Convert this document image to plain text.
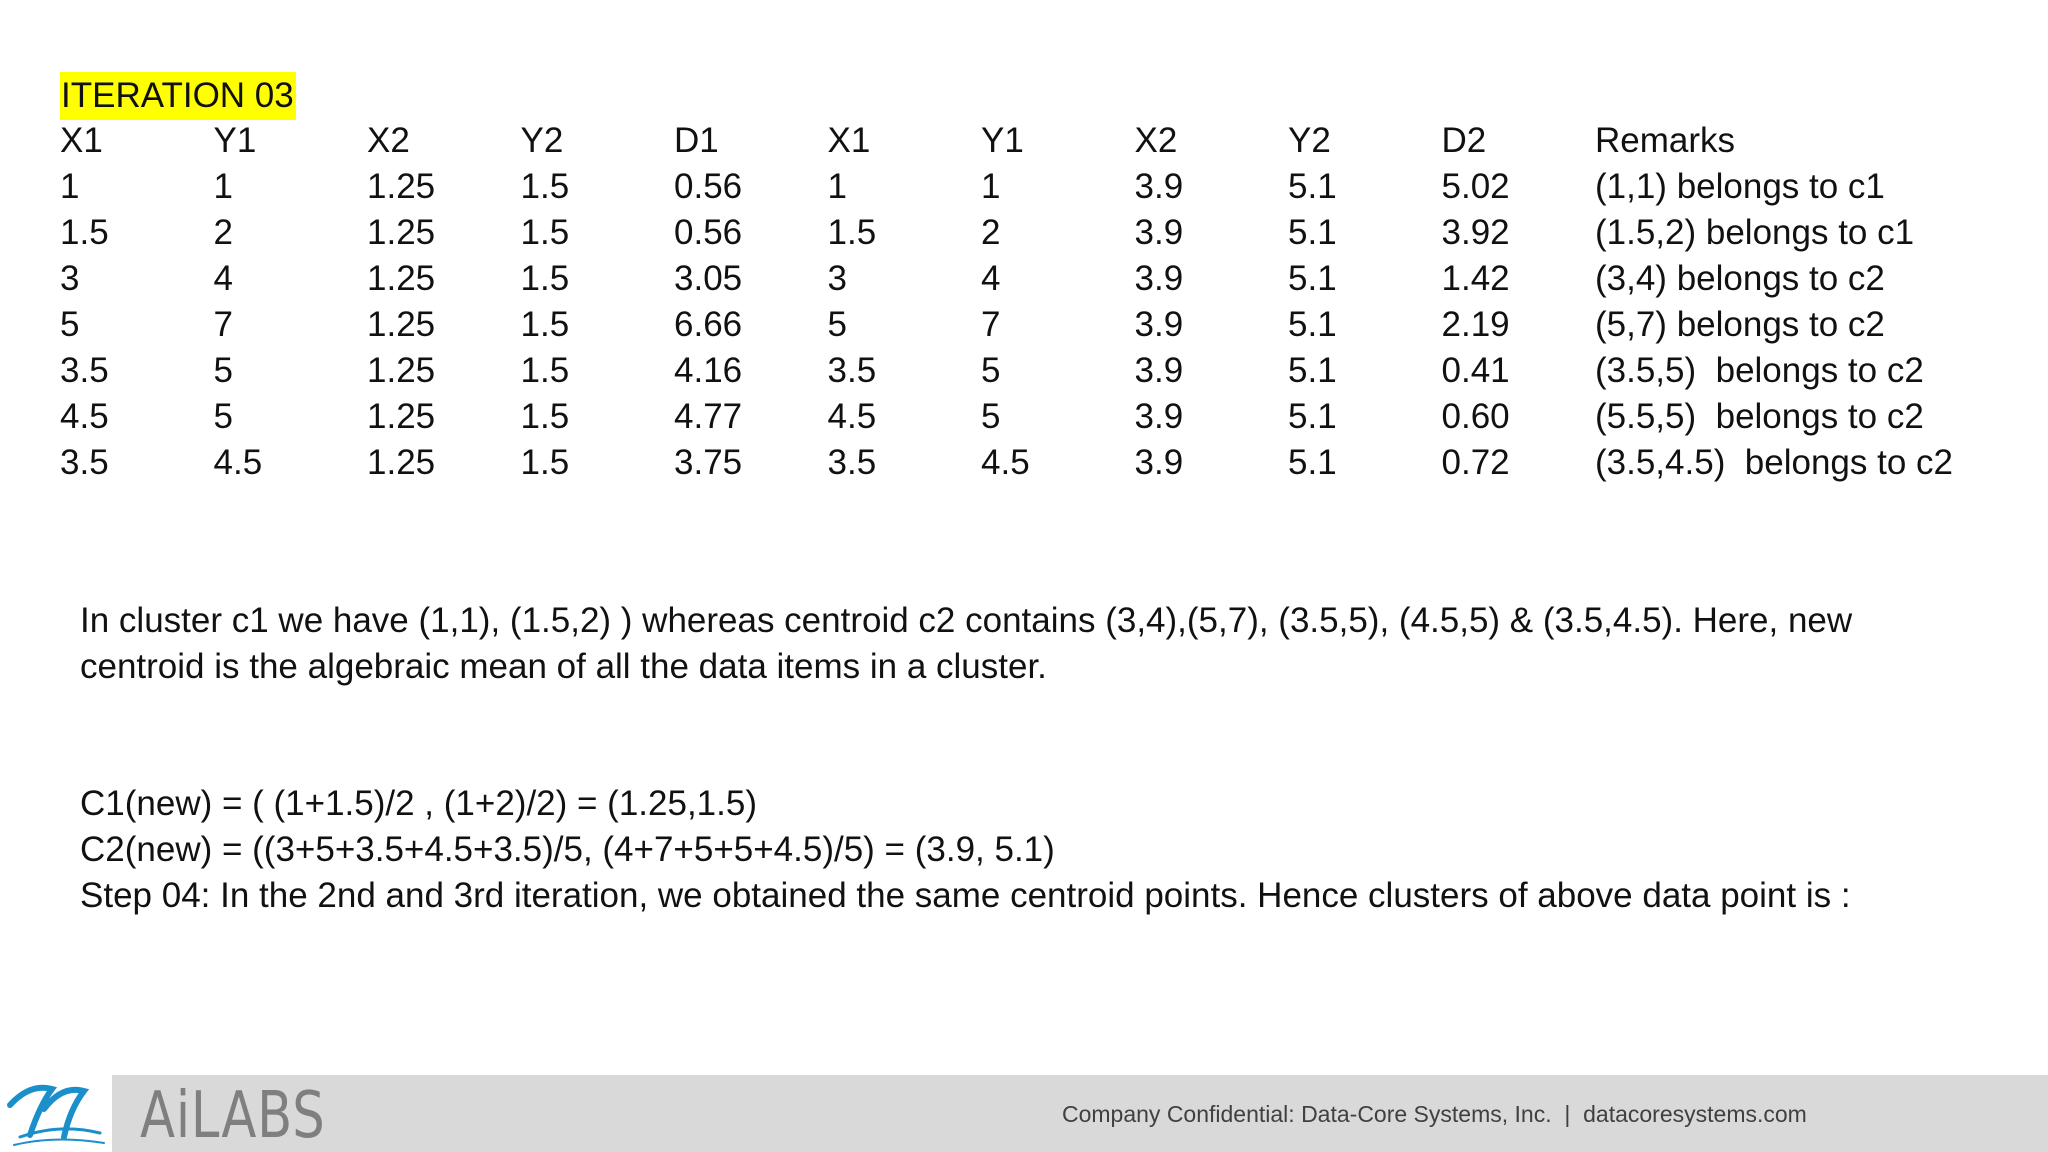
ITERATION 03
X1	Y1	X2	Y2	D1	X1	Y1	X2	Y2	D2	Remarks
1	1	1.25	1.5	0.56	1	1	3.9	5.1	5.02	(1,1) belongs to c1
1.5	2	1.25	1.5	0.56	1.5	2	3.9	5.1	3.92	(1.5,2) belongs to c1
3	4	1.25	1.5	3.05	3	4	3.9	5.1	1.42	(3,4) belongs to c2
5	7	1.25	1.5	6.66	5	7	3.9	5.1	2.19	(5,7) belongs to c2
3.5	5	1.25	1.5	4.16	3.5	5	3.9	5.1	0.41	(3.5,5)  belongs to c2
4.5	5	1.25	1.5	4.77	4.5	5	3.9	5.1	0.60	(5.5,5)  belongs to c2
3.5	4.5	1.25	1.5	3.75	3.5	4.5	3.9	5.1	0.72	(3.5,4.5)  belongs to c2

In cluster c1 we have (1,1), (1.5,2) ) whereas centroid c2 contains (3,4),(5,7), (3.5,5), (4.5,5) & (3.5,4.5). Here, new centroid is the algebraic mean of all the data items in a cluster.

C1(new) = ( (1+1.5)/2 , (1+2)/2) = (1.25,1.5)
C2(new) = ((3+5+3.5+4.5+3.5)/5, (4+7+5+5+4.5)/5) = (3.9, 5.1)
Step 04: In the 2nd and 3rd iteration, we obtained the same centroid points. Hence clusters of above data point is :
AiLABS	Company Confidential: Data-Core Systems, Inc.  |  datacoresystems.com
